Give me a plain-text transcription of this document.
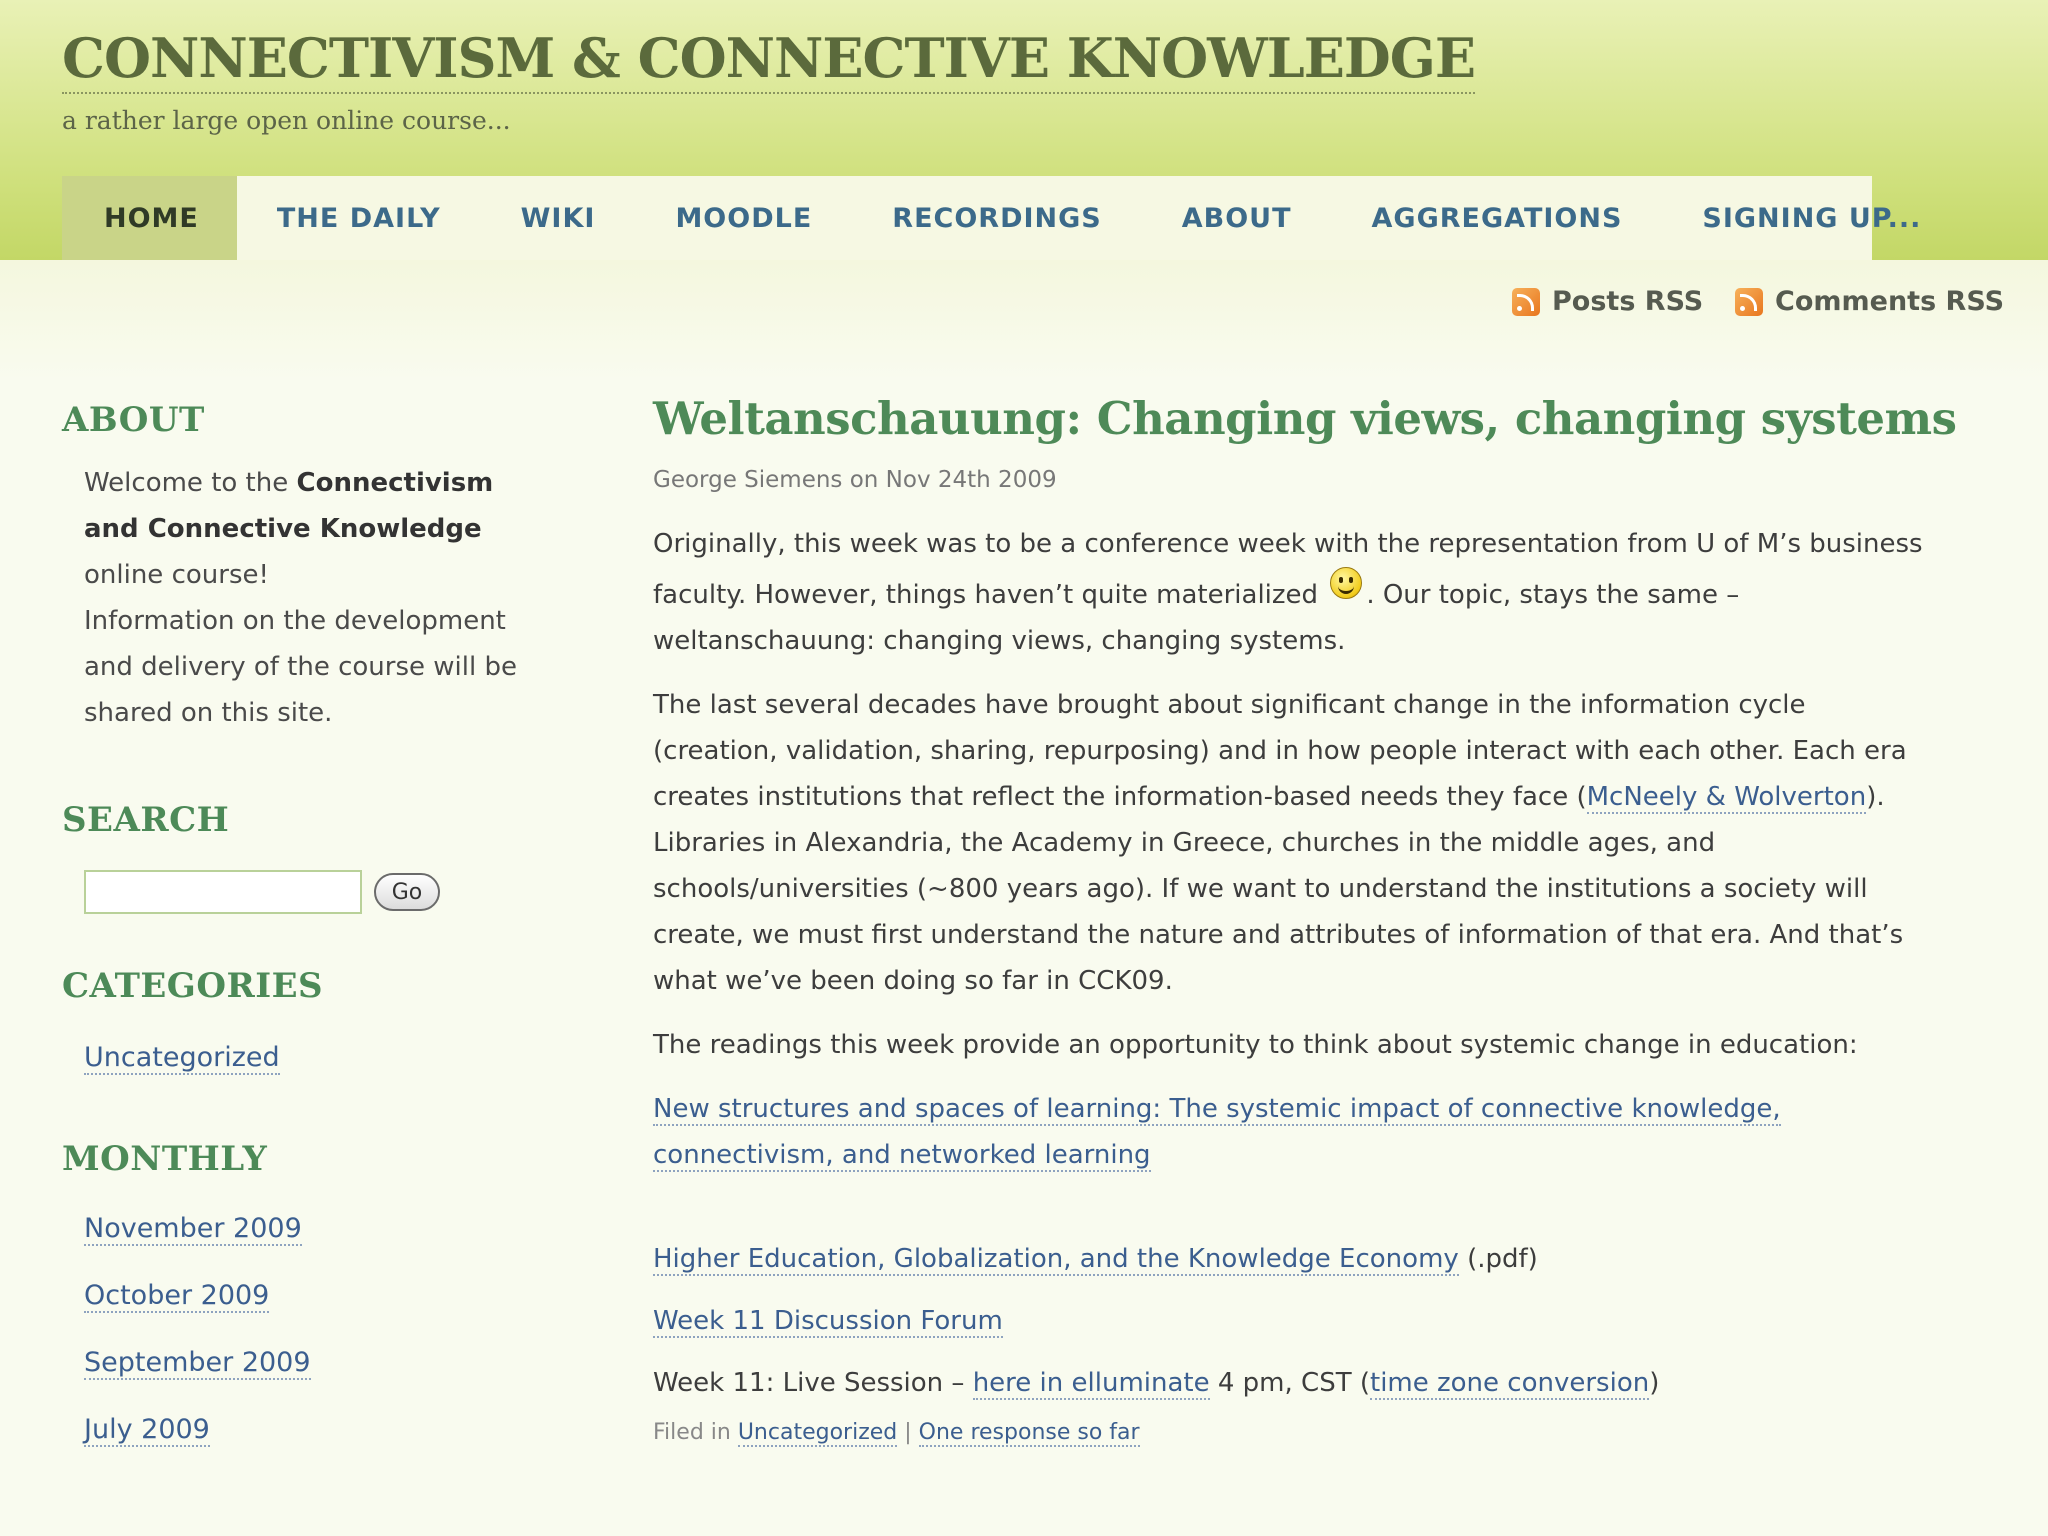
CONNECTIVISM & CONNECTIVE KNOWLEDGE
a rather large open online course...
HOME	THE DAILY	WIKI	MOODLE	RECORDINGS	ABOUT	AGGREGATIONS	SIGNING UP...
Posts RSS	Comments RSS
ABOUT
Welcome to the Connectivism and Connective Knowledge online course!
Information on the development and delivery of the course will be shared on this site.
SEARCH
Go
CATEGORIES
Uncategorized
MONTHLY
November 2009
October 2009
September 2009
July 2009
Weltanschauung: Changing views, changing systems
George Siemens on Nov 24th 2009

Originally, this week was to be a conference week with the representation from U of M’s business faculty. However, things haven’t quite materialized . Our topic, stays the same – weltanschauung: changing views, changing systems.

The last several decades have brought about significant change in the information cycle (creation, validation, sharing, repurposing) and in how people interact with each other. Each era creates institutions that reflect the information-based needs they face (McNeely & Wolverton). Libraries in Alexandria, the Academy in Greece, churches in the middle ages, and schools/universities (~800 years ago). If we want to understand the institutions a society will create, we must first understand the nature and attributes of information of that era. And that’s what we’ve been doing so far in CCK09.

The readings this week provide an opportunity to think about systemic change in education:

New structures and spaces of learning: The systemic impact of connective knowledge, connectivism, and networked learning

Higher Education, Globalization, and the Knowledge Economy (.pdf)

Week 11 Discussion Forum

Week 11: Live Session – here in elluminate 4 pm, CST (time zone conversion)

Filed in Uncategorized | One response so far
